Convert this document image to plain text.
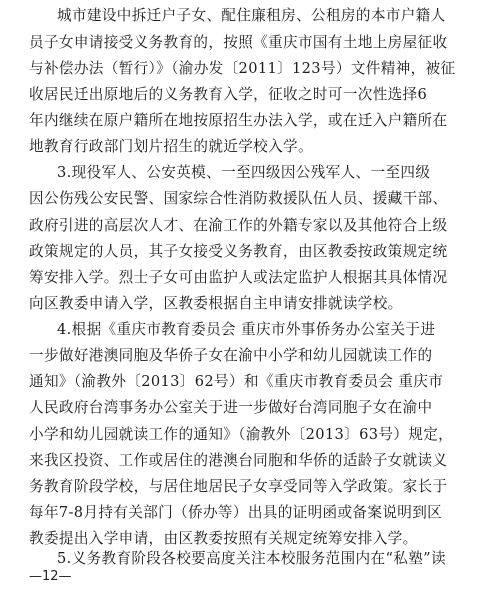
城市建设中拆迁户子女、配住廉租房、公租房的本市户籍人
员子女申请接受义务教育的，按照《重庆市国有土地上房屋征收
与补偿办法（暂行）》（渝办发〔2011〕123号）文件精神，被征
收居民迁出原地后的义务教育入学，征收之时可一次性选择6
年内继续在原户籍所在地按原招生办法入学，或在迁入户籍所在
地教育行政部门划片招生的就近学校入学。
3.现役军人、公安英模、一至四级因公残军人、一至四级
因公伤残公安民警、国家综合性消防救援队伍人员、援藏干部、
政府引进的高层次人才、在渝工作的外籍专家以及其他符合上级
政策规定的人员，其子女接受义务教育，由区教委按政策规定统
筹安排入学。烈士子女可由监护人或法定监护人根据其具体情况
向区教委申请入学，区教委根据自主申请安排就读学校。
4.根据《重庆市教育委员会 重庆市外事侨务办公室关于进
一步做好港澳同胞及华侨子女在渝中小学和幼儿园就读工作的
通知》（渝教外〔2013〕62号）和《重庆市教育委员会 重庆市
人民政府台湾事务办公室关于进一步做好台湾同胞子女在渝中
小学和幼儿园就读工作的通知》（渝教外〔2013〕63号）规定，
来我区投资、工作或居住的港澳台同胞和华侨的适龄子女就读义
务教育阶段学校，与居住地居民子女享受同等入学政策。家长于
每年7-8月持有关部门（侨办等）出具的证明函或备案说明到区
教委提出入学申请，由区教委按照有关规定统筹安排入学。
5.义务教育阶段各校要高度关注本校服务范围内在“私塾”读
—12—
